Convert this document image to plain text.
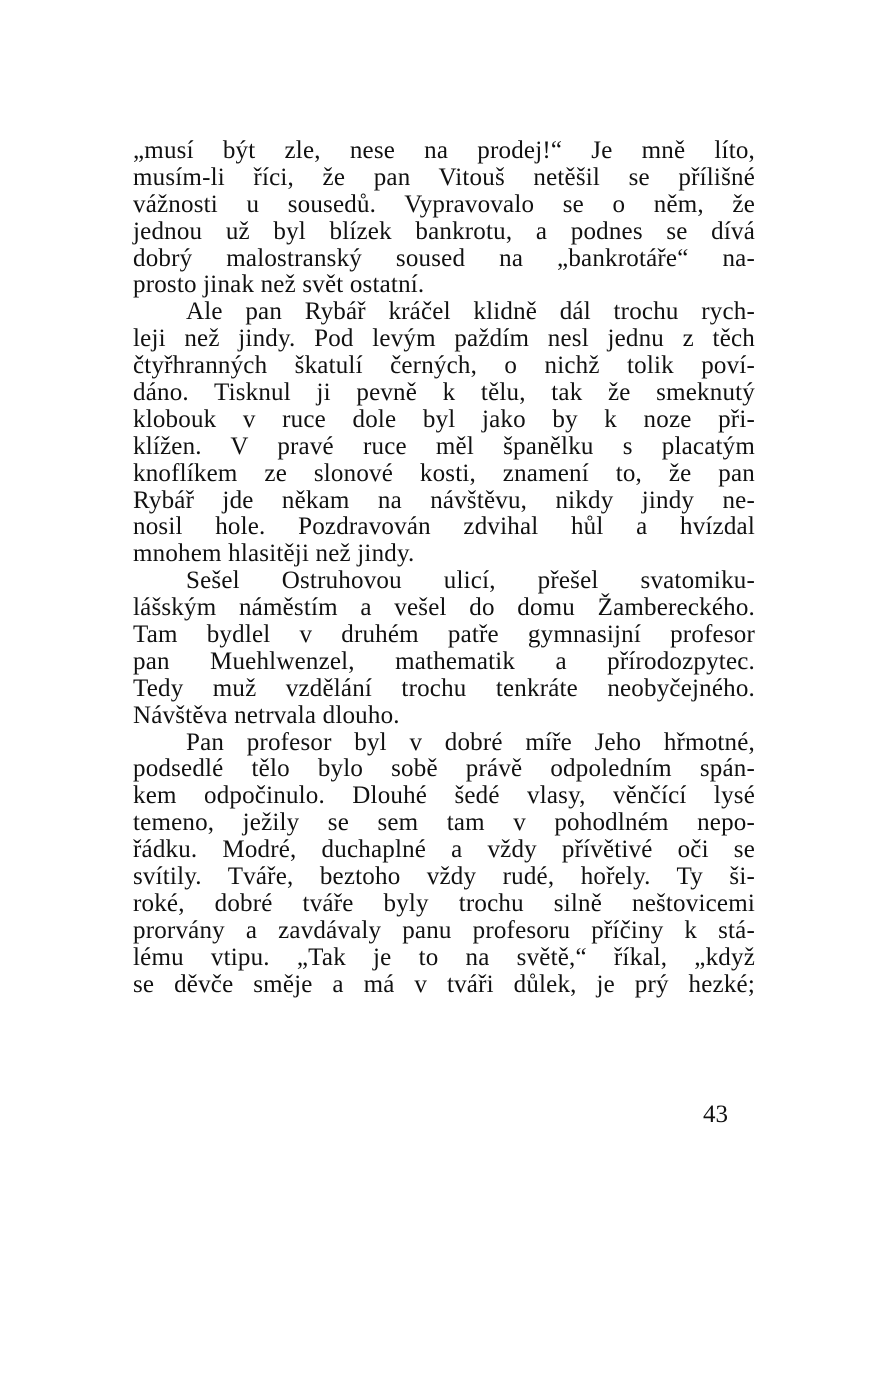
„musí být zle, nese na prodej!“ Je mně líto,
musím-li říci, že pan Vitouš netěšil se přílišné
vážnosti u sousedů. Vypravovalo se o něm, že
jednou už byl blízek bankrotu, a podnes se dívá
dobrý malostranský soused na „bankrotáře“ na-
prosto jinak než svět ostatní.
Ale pan Rybář kráčel klidně dál trochu rych-
leji než jindy. Pod levým paždím nesl jednu z těch
čtyřhranných škatulí černých, o nichž tolik poví-
dáno. Tisknul ji pevně k tělu, tak že smeknutý
klobouk v ruce dole byl jako by k noze při-
klížen. V pravé ruce měl španělku s placatým
knoflíkem ze slonové kosti, znamení to, že pan
Rybář jde někam na návštěvu, nikdy jindy ne-
nosil hole. Pozdravován zdvihal hůl a hvízdal
mnohem hlasitěji než jindy.
Sešel Ostruhovou ulicí, přešel svatomiku-
lášským náměstím a vešel do domu Žambereckého.
Tam bydlel v druhém patře gymnasijní profesor
pan Muehlwenzel, mathematik a přírodozpytec.
Tedy muž vzdělání trochu tenkráte neobyčejného.
Návštěva netrvala dlouho.
Pan profesor byl v dobré míře Jeho hřmotné,
podsedlé tělo bylo sobě právě odpoledním spán-
kem odpočinulo. Dlouhé šedé vlasy, věnčící lysé
temeno, ježily se sem tam v pohodlném nepo-
řádku. Modré, duchaplné a vždy přívětivé oči se
svítily. Tváře, beztoho vždy rudé, hořely. Ty ši-
roké, dobré tváře byly trochu silně neštovicemi
prorvány a zavdávaly panu profesoru příčiny k stá-
lému vtipu. „Tak je to na světě,“ říkal, „když
se děvče směje a má v tváři důlek, je prý hezké;
43
